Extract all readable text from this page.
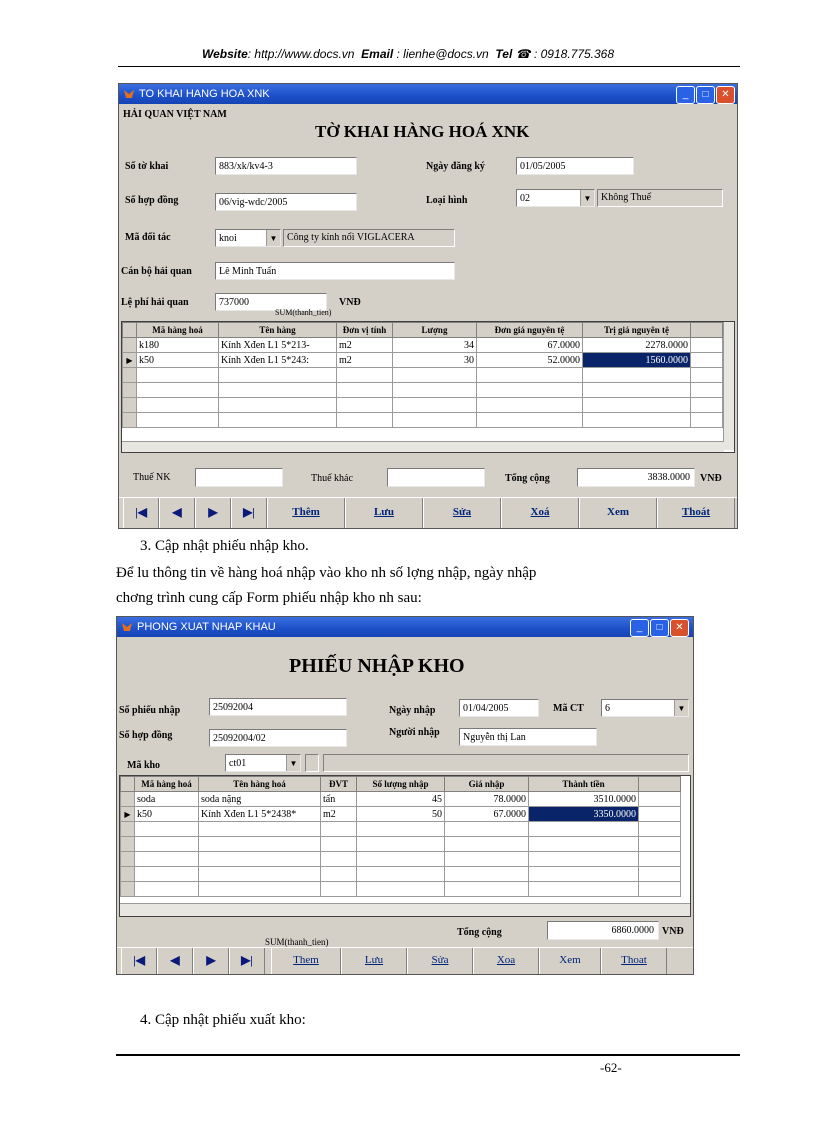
Website: http://www.docs.vn Email : lienhe@docs.vn Tel ☎ : 0918.775.368
TO KHAI HANG HOA XNK	_	□	✕
HẢI QUAN VIỆT NAM
TỜ KHAI HÀNG HOÁ XNK
Số tờ khai	883/xk/kv4-3	Ngày đăng ký	01/05/2005
Số hợp đồng	06/vig-wdc/2005	Loại hình	02	▼ Không Thuế
Mã đối tác	knoi	▼ Công ty kính nổi VIGLACERA
Cán bộ hải quan	Lê Minh Tuấn
Lệ phí hải quan	737000	VNĐ
SUM(thanh_tien)
	Mã hàng hoá	Tên hàng	Đơn vị tính	Lượng	Đơn giá nguyên tệ	Trị giá nguyên tệ	
	k180	Kính Xđen L1 5*213-	m2	34	67.0000	2278.0000	
▶	k50	Kính Xđen L1 5*243:	m2	30	52.0000	1560.0000	

Thuế NK	Thuế khác	Tổng cộng	3838.0000	VNĐ
|◀	◀	▶	▶|	Thêm	Lưu	Sửa	Xoá	Xem	Thoát
3. Cập nhật phiếu nhập kho.
Để lu thông tin về hàng hoá nhập vào kho nh số lợng nhập, ngày nhập
chơng trình cung cấp Form phiếu nhập kho nh sau:
PHONG XUAT NHAP KHAU	_	□	✕
PHIẾU NHẬP KHO
Số phiếu nhập	25092004	Ngày nhập	01/04/2005	Mã CT	6	▼
Số hợp đồng	25092004/02
Người nhập	Nguyễn thị Lan
Mã kho	ct01	▼
	Mã hàng hoá	Tên hàng hoá	ĐVT	Số lượng nhập	Giá nhập	Thành tiền	
	soda	soda nặng	tấn	45	78.0000	3510.0000	
▶	k50	Kính Xđen L1 5*2438*	m2	50	67.0000	3350.0000	

Tổng cộng	6860.0000 VNĐ
SUM(thanh_tien)
|◀	◀	▶	▶|	Them	Lưu	Sửa	Xoa	Xem	Thoat
4. Cập nhật phiếu xuất kho:
-62-
